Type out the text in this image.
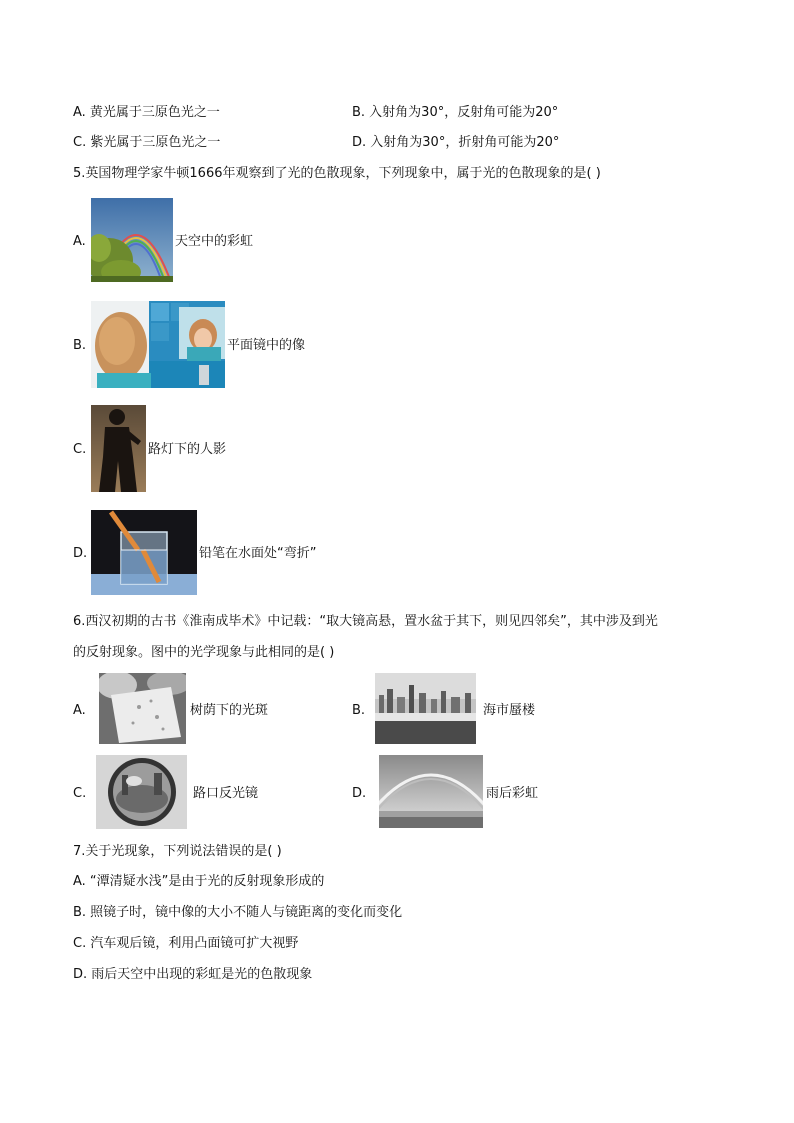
A. 黄光属于三原色光之一	B. 入射角为30°，反射角可能为20°
C. 紫光属于三原色光之一	D. 入射角为30°，折射角可能为20°
5.英国物理学家牛顿1666年观察到了光的色散现象，下列现象中，属于光的色散现象的是( )
A.	天空中的彩虹
B.	平面镜中的像
C.	路灯下的人影
D.	铅笔在水面处“弯折”
6.西汉初期的古书《淮南成毕术》中记载：“取大镜高悬，置水盆于其下，则见四邻矣”，其中涉及到光
的反射现象。图中的光学现象与此相同的是( )
A.	树荫下的光斑	B.	海市蜃楼
C.	路口反光镜	D.	雨后彩虹
7.关于光现象，下列说法错误的是( )
A. “潭清疑水浅”是由于光的反射现象形成的
B. 照镜子时，镜中像的大小不随人与镜距离的变化而变化
C. 汽车观后镜，利用凸面镜可扩大视野
D. 雨后天空中出现的彩虹是光的色散现象
